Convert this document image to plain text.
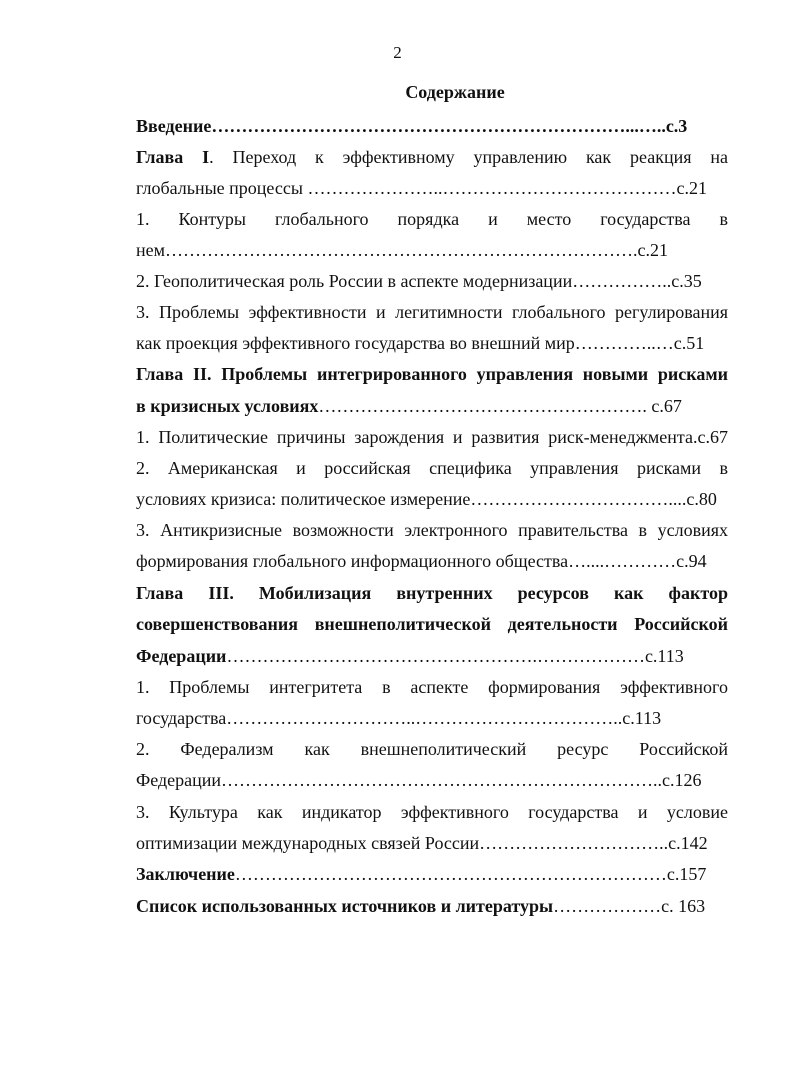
2
Содержание
Введение……………………………………………………………...…..с.3
Глава I. Переход к эффективному управлению как реакция на
глобальные процессы …………………..…………………………………с.21
1. Контуры глобального порядка и место государства в
нем…………………………………………………………………….с.21
2. Геополитическая роль России в аспекте модернизации……………..с.35
3. Проблемы эффективности и легитимности глобального регулирования
как проекция эффективного государства во внешний мир…………..…с.51
Глава II. Проблемы интегрированного управления новыми рисками
в кризисных условиях………………………………………………. с.67
1. Политические причины зарождения и развития риск-менеджмента.с.67
2. Американская и российская специфика управления рисками в
условиях кризиса: политическое измерение……………………………....с.80
3. Антикризисные возможности электронного правительства в условиях
формирования глобального информационного общества…....…………с.94
Глава III. Мобилизация внутренних ресурсов как фактор
совершенствования внешнеполитической деятельности Российской
Федерации…………………………………………….………………с.113
1. Проблемы интегритета в аспекте формирования эффективного
государства…………………………..……………………………..с.113
2. Федерализм как внешнеполитический ресурс Российской
Федерации………………………………………………………………..с.126
3. Культура как индикатор эффективного государства и условие
оптимизации международных связей России…………………………..с.142
Заключение………………………………………………………………с.157
Список использованных источников и литературы………………с. 163
